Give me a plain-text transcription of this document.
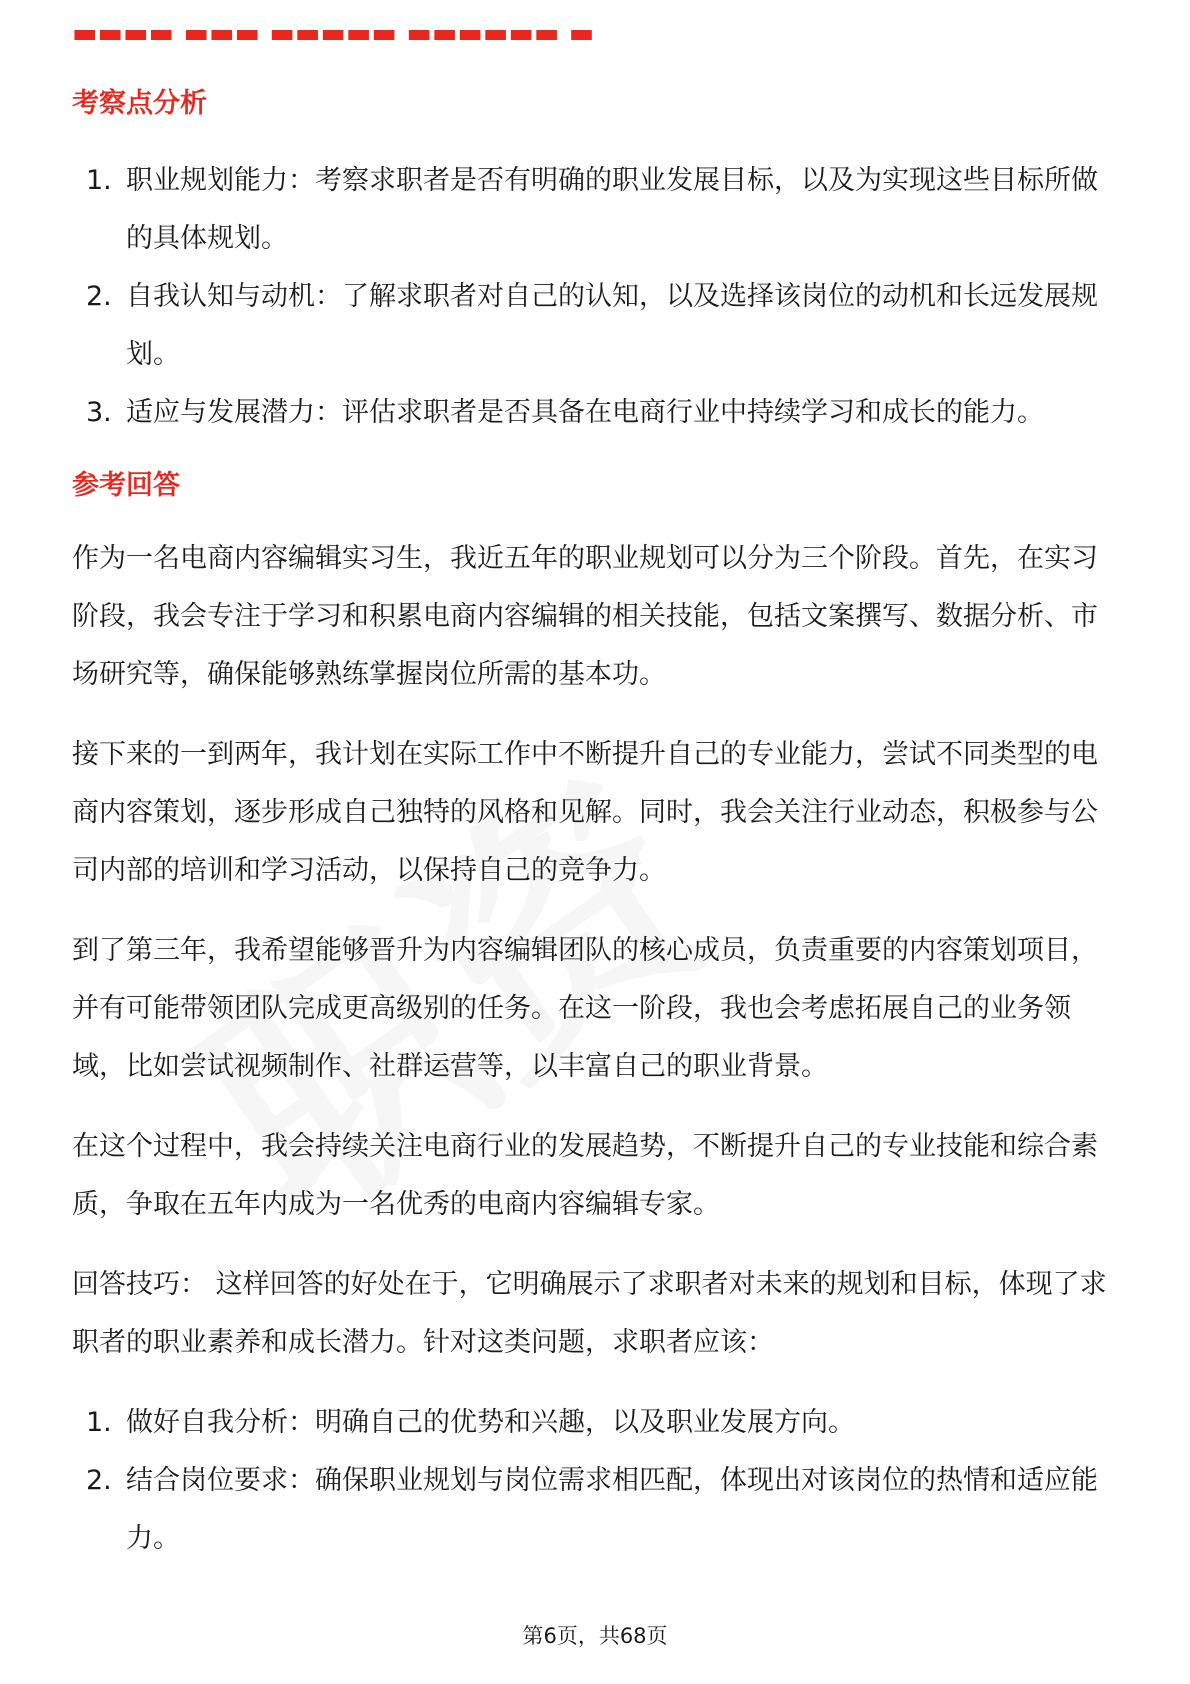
▬▬▬▬ ▬▬▬ ▬▬▬▬▬ ▬▬▬▬▬▬ ▬
考察点分析
1. 职业规划能力：考察求职者是否有明确的职业发展目标，以及为实现这些目标所做的具体规划。
2. 自我认知与动机：了解求职者对自己的认知，以及选择该岗位的动机和长远发展规划。
3. 适应与发展潜力：评估求职者是否具备在电商行业中持续学习和成长的能力。
参考回答

作为一名电商内容编辑实习生，我近五年的职业规划可以分为三个阶段。首先，在实习阶段，我会专注于学习和积累电商内容编辑的相关技能，包括文案撰写、数据分析、市场研究等，确保能够熟练掌握岗位所需的基本功。

接下来的一到两年，我计划在实际工作中不断提升自己的专业能力，尝试不同类型的电商内容策划，逐步形成自己独特的风格和见解。同时，我会关注行业动态，积极参与公司内部的培训和学习活动，以保持自己的竞争力。

到了第三年，我希望能够晋升为内容编辑团队的核心成员，负责重要的内容策划项目，并有可能带领团队完成更高级别的任务。在这一阶段，我也会考虑拓展自己的业务领域，比如尝试视频制作、社群运营等，以丰富自己的职业背景。

在这个过程中，我会持续关注电商行业的发展趋势，不断提升自己的专业技能和综合素质，争取在五年内成为一名优秀的电商内容编辑专家。

回答技巧： 这样回答的好处在于，它明确展示了求职者对未来的规划和目标，体现了求职者的职业素养和成长潜力。针对这类问题，求职者应该：

1. 做好自我分析：明确自己的优势和兴趣，以及职业发展方向。
2. 结合岗位要求：确保职业规划与岗位需求相匹配，体现出对该岗位的热情和适应能力。
第6页，共68页
